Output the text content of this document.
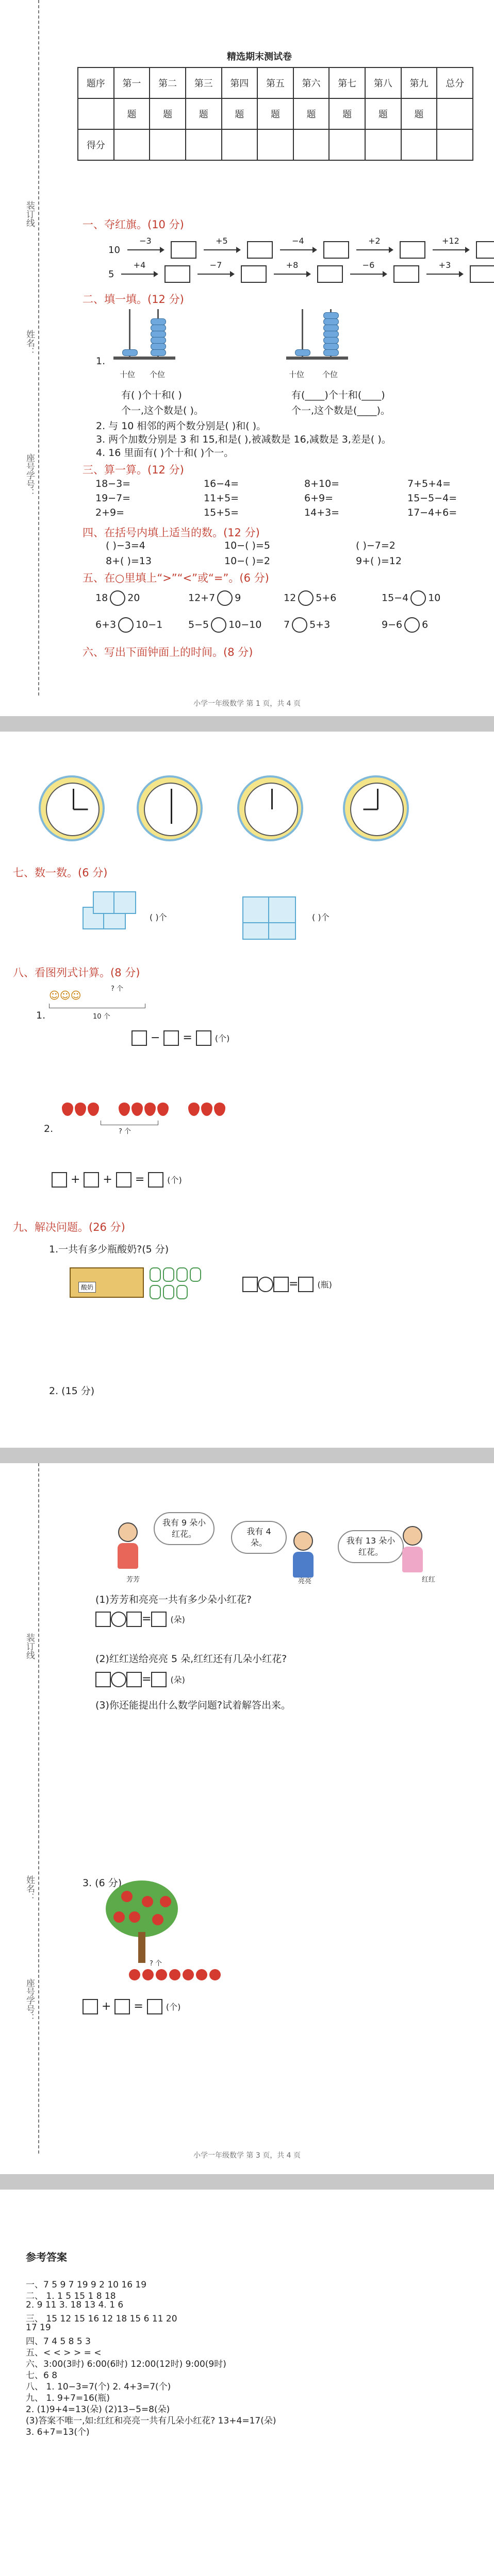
装订线
姓名：
座号学号：
精选期末测试卷
题序	第一	第二	第三	第四	第五	第六	第七	第八	第九	总分
	题	题	题	题	题	题	题	题	题	
得分										
一、夺红旗。(10 分)
10
−3	+5	−4	+2	+12
5
+4	−7	+8	−6	+3
二、填一填。(12 分)
十位 个位	十位 个位
1.
有( )个十和( )
个一,这个数是( )。
有(____)个十和(____)
个一,这个数是(____)。
2. 与 10 相邻的两个数分别是( )和( )。
3. 两个加数分别是 3 和 15,和是( ),被减数是 16,减数是 3,差是( )。
4. 16 里面有( )个十和( )个一。
三、算一算。(12 分)
18−3=	16−4=	8+10=	7+5+4=
19−7=	11+5=	6+9=	15−5−4=
2+9=	15+5=	14+3=	17−4+6=
四、在括号内填上适当的数。(12 分)
( )−3=4	10−( )=5	( )−7=2
8+( )=13	10−( )=2	9+( )=12
五、在○里填上“>”“<”或“=”。(6 分)
18 20	12+7 9	12 5+6	15−4 10
6+3 10−1	5−5 10−10 7 5+3	9−6 6
六、写出下面钟面上的时间。(8 分)
小学一年级数学 第 1 页，共 4 页
七、数一数。(6 分)
( )个	( )个
八、看图列式计算。(8 分)
? 个
☺☺☺
10 个
1.
−  =  (个)

? 个
2.
+  +  =  (个)
九、解决问题。(26 分)
1.一共有多少瓶酸奶?(5 分)
酸奶	= (瓶)
2. (15 分)
装订线
姓名：
座号学号：
芳芳
我有 9 朵小红花。	我有 4 朵。
亮亮
我有 13 朵小红花。
红红
(1)芳芳和亮亮一共有多少朵小红花?
= (朵)
(2)红红送给亮亮 5 朵,红红还有几朵小红花?
= (朵)
(3)你还能提出什么数学问题?试着解答出来。
3. (6 分)
? 个
+  =  (个)
小学一年级数学 第 3 页，共 4 页
参考答案
一、7 5 9 7 19 9 2 10 16 19
二、 1. 1 5 15 1 8 18
2. 9 11 3. 18 13 4. 1 6
三、 15 12 15 16 12 18 15 6 11 20
17 19
四、7 4 5 8 5 3
五、< < > > = <
六、3:00(3时) 6:00(6时) 12:00(12时) 9:00(9时)
七、6 8
八、 1. 10−3=7(个) 2. 4+3=7(个)
九、 1. 9+7=16(瓶)
2. (1)9+4=13(朵) (2)13−5=8(朵)
(3)答案不唯一,如:红红和亮亮一共有几朵小红花? 13+4=17(朵)
3. 6+7=13(个)
